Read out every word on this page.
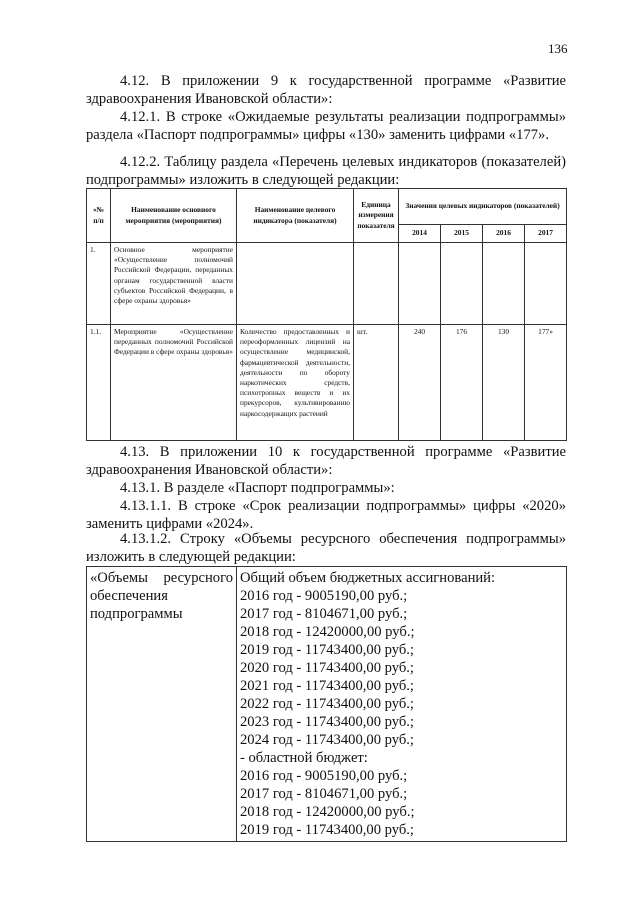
136

4.12. В приложении 9 к государственной программе «Развитие здравоохранения Ивановской области»:

4.12.1. В строке «Ожидаемые результаты реализации подпрограммы» раздела «Паспорт подпрограммы» цифры «130» заменить цифрами «177».

4.12.2. Таблицу раздела «Перечень целевых индикаторов (показателей) подпрограммы» изложить в следующей редакции:

«№ п/п	Наименование основного мероприятия (мероприятия)	Наименование целевого индикатора (показателя)	Единица измерения показателя	Значения целевых индикаторов (показателей)			
				2014	2015	2016	2017
1.	Основное мероприятие «Осуществление полномочий Российской Федерации, переданных органам государственной власти субъектов Российской Федерации, в сфере охраны здоровья»						
1.1.	Мероприятие «Осуществление переданных полномочий Российской Федерации в сфере охраны здоровья»	Количество предоставленных и переоформленных лицензий на осуществление медицинской, фармацевтической деятельности, деятельности по обороту наркотических средств, психотропных веществ и их прекурсоров, культивированию наркосодержащих растений	шт.	240	176	130	177»

4.13. В приложении 10 к государственной программе «Развитие здравоохранения Ивановской области»:

4.13.1. В разделе «Паспорт подпрограммы»:

4.13.1.1. В строке «Срок реализации подпрограммы» цифры «2020» заменить цифрами «2024».

4.13.1.2. Строку «Объемы ресурсного обеспечения подпрограммы» изложить в следующей редакции:

«Объемы ресурсного обеспечения подпрограммы	
Общий объем бюджетных ассигнований:
2016 год - 9005190,00 руб.;
2017 год - 8104671,00 руб.;
2018 год - 12420000,00 руб.;
2019 год - 11743400,00 руб.;
2020 год - 11743400,00 руб.;
2021 год - 11743400,00 руб.;
2022 год - 11743400,00 руб.;
2023 год - 11743400,00 руб.;
2024 год - 11743400,00 руб.;
- областной бюджет:
2016 год - 9005190,00 руб.;
2017 год - 8104671,00 руб.;
2018 год - 12420000,00 руб.;
2019 год - 11743400,00 руб.;
